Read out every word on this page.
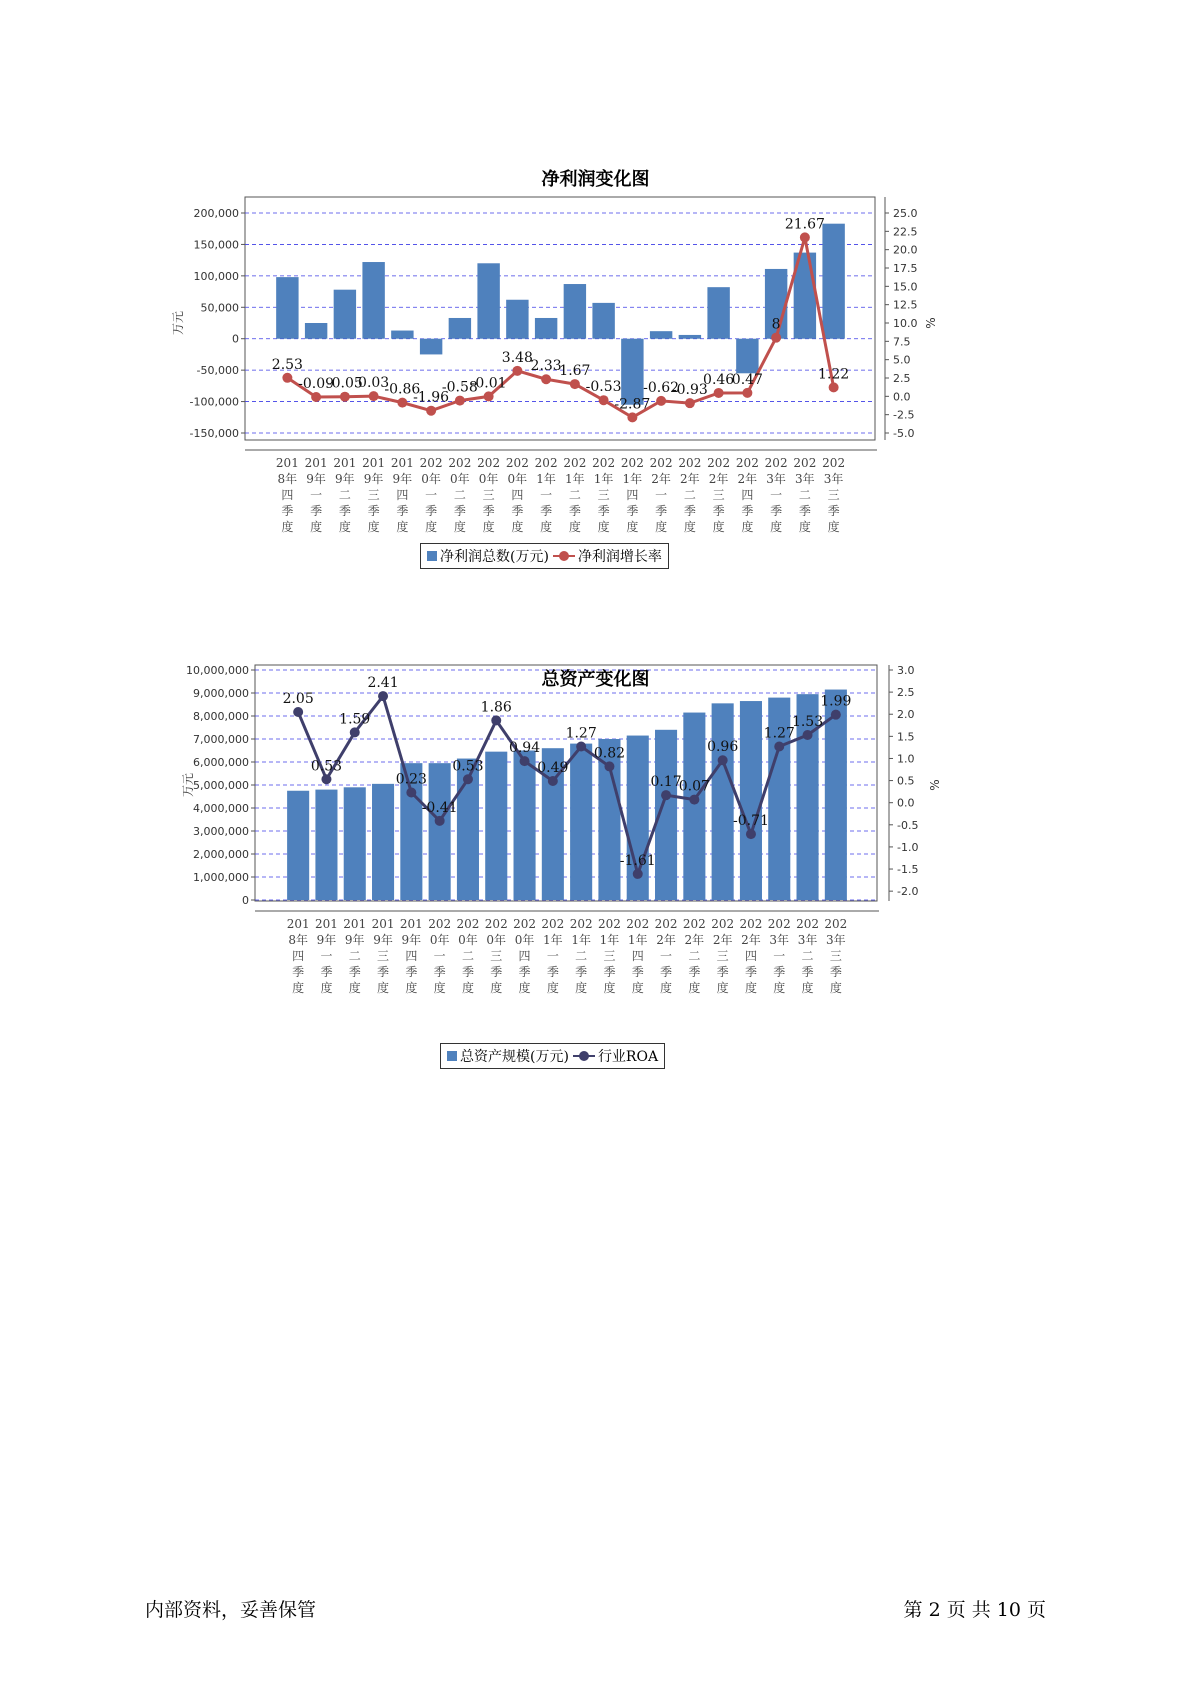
净利润变化图
200,000
150,000
100,000
50,000
0
-50,000
-100,000
-150,000
25.0
22.5
20.0
17.5
15.0
12.5
10.0
7.5
5.0
2.5
0.0
-2.5
-5.0
万元	%
201
8年
四
季
度
201
9年
一
季
度
201
9年
二
季
度
201
9年
三
季
度
201
9年
四
季
度
202
0年
一
季
度
202
0年
二
季
度
202
0年
三
季
度
202
0年
四
季
度
202
1年
一
季
度
202
1年
二
季
度
202
1年
三
季
度
202
1年
四
季
度
202
2年
一
季
度
202
2年
二
季
度
202
2年
三
季
度
202
2年
四
季
度
202
3年
一
季
度
202
3年
二
季
度
202
3年
三
季
度
2.53
-0.09
-0.05
0.03
-0.86
-1.96
-0.58
-0.01
3.48
2.33
1.67
-0.53
-2.87
-0.62
-0.93
0.46
0.47
8
21.67
1.22
净利润总数(万元) 净利润增长率
总资产变化图
10,000,000
9,000,000
8,000,000
7,000,000
6,000,000
5,000,000
4,000,000
3,000,000
2,000,000
1,000,000
0
3.0
2.5
2.0
1.5
1.0
0.5
0.0
-0.5
-1.0
-1.5
-2.0
万元	%
201
8年
四
季
度
201
9年
一
季
度
201
9年
二
季
度
201
9年
三
季
度
201
9年
四
季
度
202
0年
一
季
度
202
0年
二
季
度
202
0年
三
季
度
202
0年
四
季
度
202
1年
一
季
度
202
1年
二
季
度
202
1年
三
季
度
202
1年
四
季
度
202
2年
一
季
度
202
2年
二
季
度
202
2年
三
季
度
202
2年
四
季
度
202
3年
一
季
度
202
3年
二
季
度
202
3年
三
季
度
2.05
0.53
1.59
2.41
0.23
-0.41
0.53
1.86
0.94
0.49
1.27
0.82
-1.61
0.17
0.07
0.96
-0.71
1.27
1.53
1.99
总资产规模(万元) 行业ROA
内部资料，妥善保管	第 2 页 共 10 页
